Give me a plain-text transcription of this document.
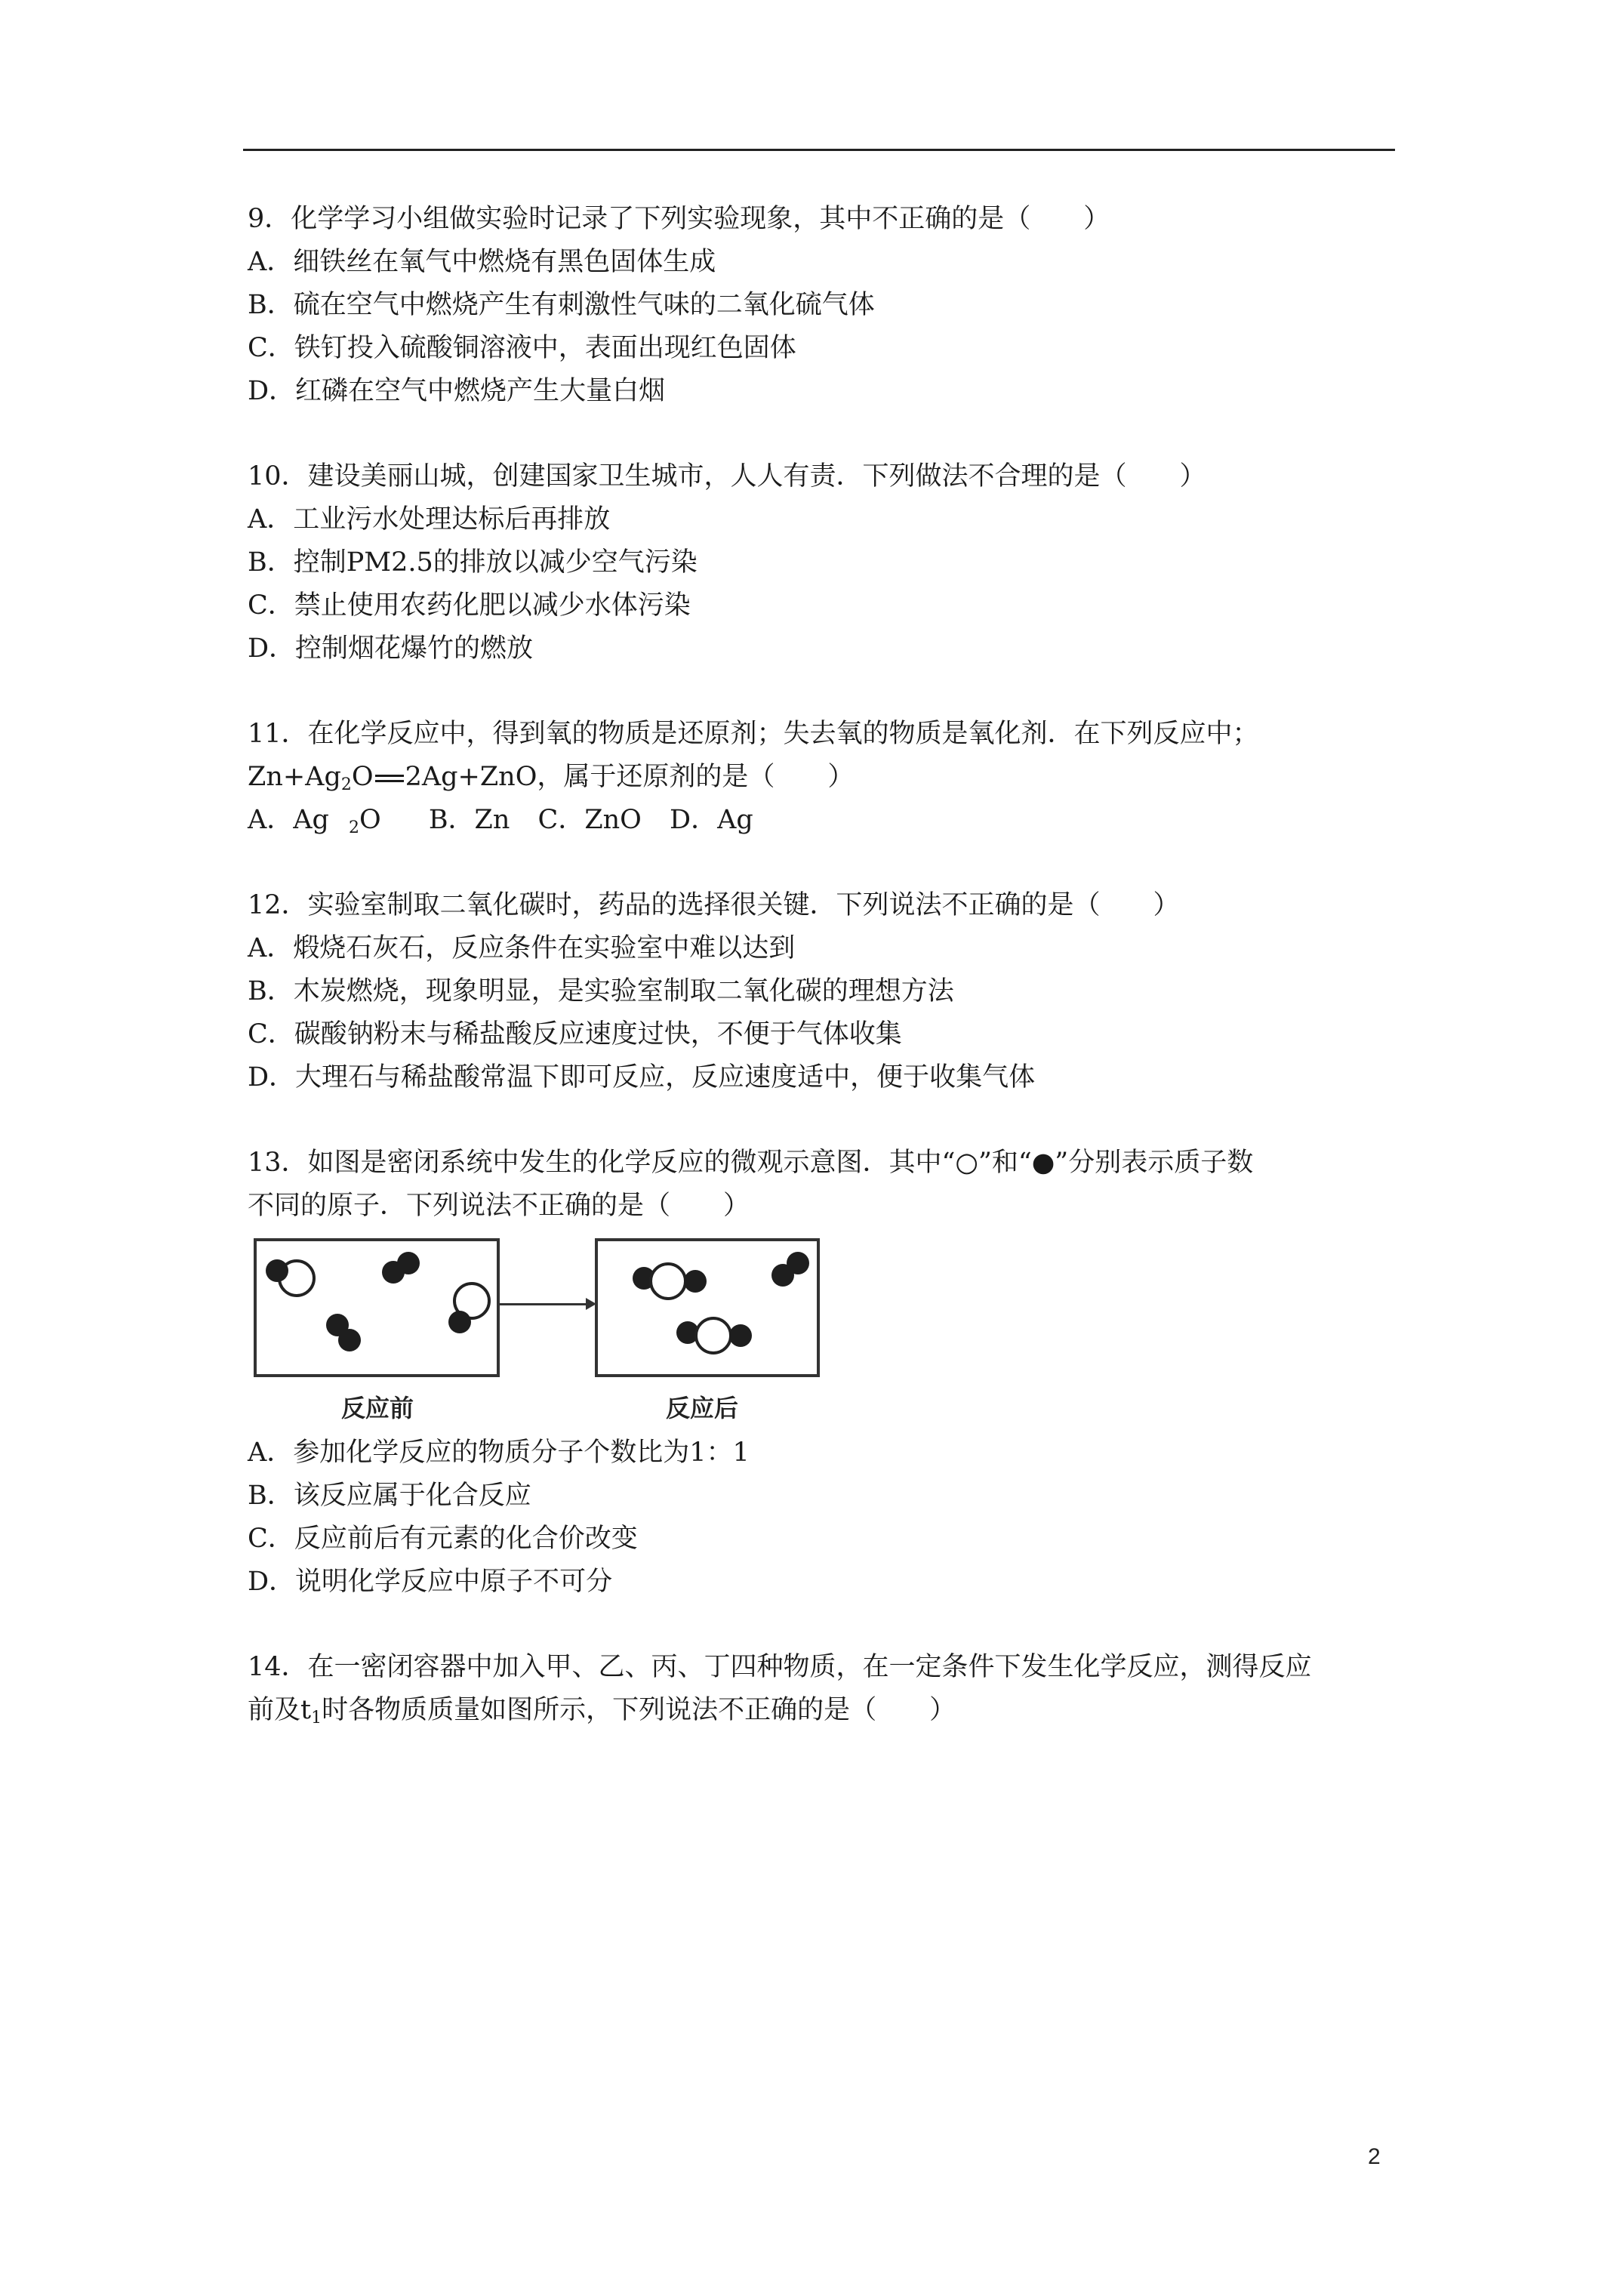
9．化学学习小组做实验时记录了下列实验现象，其中不正确的是（　　）
A．细铁丝在氧气中燃烧有黑色固体生成
B．硫在空气中燃烧产生有刺激性气味的二氧化硫气体
C．铁钉投入硫酸铜溶液中，表面出现红色固体
D．红磷在空气中燃烧产生大量白烟
10．建设美丽山城，创建国家卫生城市，人人有责．下列做法不合理的是（　　）
A．工业污水处理达标后再排放
B．控制PM2.5的排放以减少空气污染
C．禁止使用农药化肥以减少水体污染
D．控制烟花爆竹的燃放
11．在化学反应中，得到氧的物质是还原剂；失去氧的物质是氧化剂．在下列反应中；
$Zn+Ag_2O$ 2Ag+ZnO，属于还原剂的是（　　）
A．Ag $_2$O B．Zn C．ZnO D．Ag
12．实验室制取二氧化碳时，药品的选择很关键．下列说法不正确的是（　　）
A．煅烧石灰石，反应条件在实验室中难以达到
B．木炭燃烧，现象明显，是实验室制取二氧化碳的理想方法
C．碳酸钠粉末与稀盐酸反应速度过快，不便于气体收集
D．大理石与稀盐酸常温下即可反应，反应速度适中，便于收集气体
13．如图是密闭系统中发生的化学反应的微观示意图．其中“○”和“●”分别表示质子数
不同的原子．下列说法不正确的是（　　）
反应前	反应后
A．参加化学反应的物质分子个数比为1：1
B．该反应属于化合反应
C．反应前后有元素的化合价改变
D．说明化学反应中原子不可分
14．在一密闭容器中加入甲、乙、丙、丁四种物质，在一定条件下发生化学反应，测得反应
前及$t_1$时各物质质量如图所示，下列说法不正确的是（　　）
2
